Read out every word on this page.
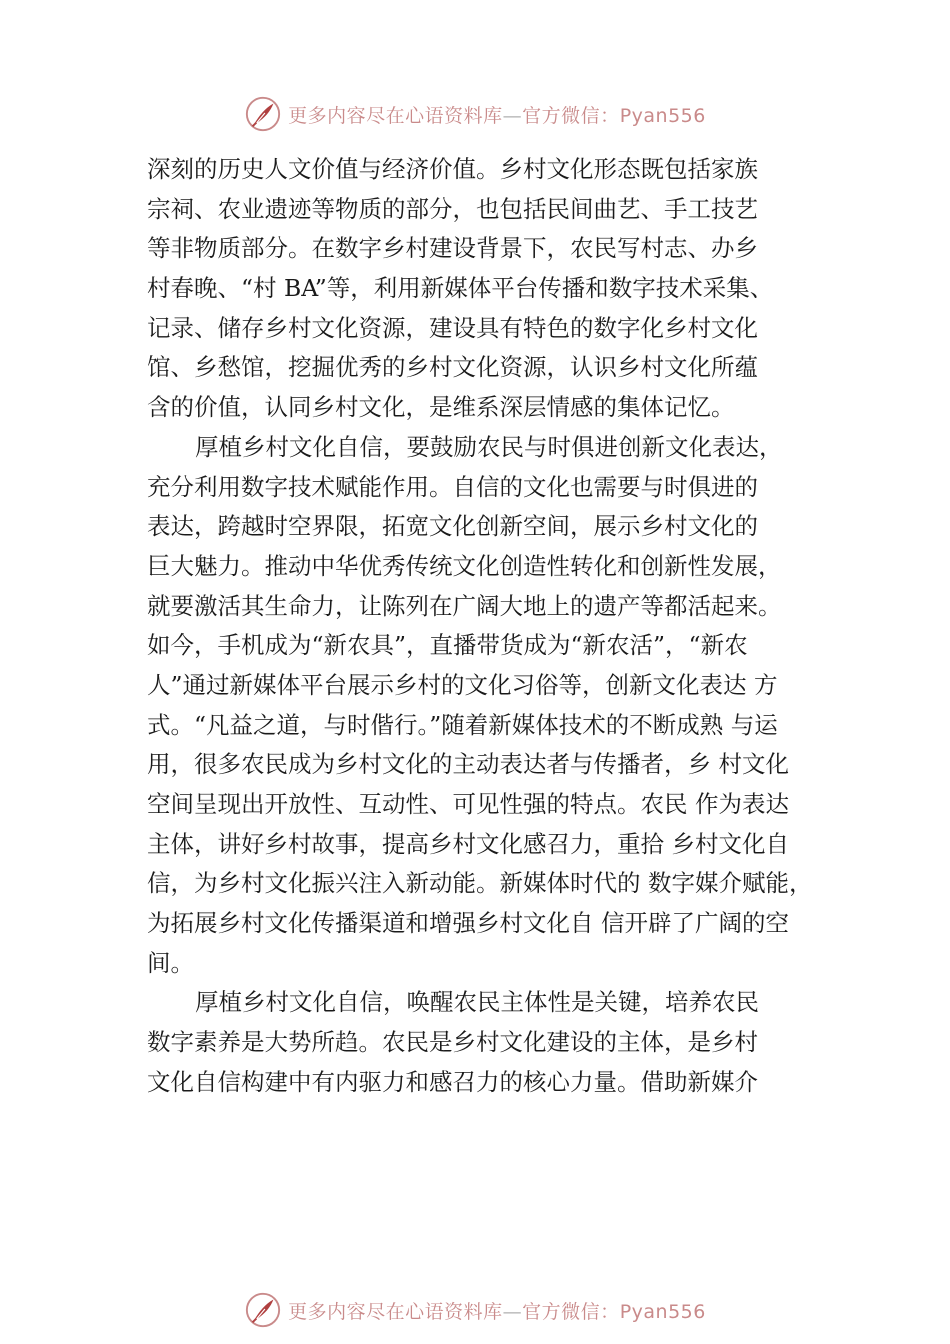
更多内容尽在心语资料库—官方微信：Pyan556
深刻的历史人文价值与经济价值。乡村文化形态既包括家族
宗祠、农业遗迹等物质的部分，也包括民间曲艺、手工技艺
等非物质部分。在数字乡村建设背景下，农民写村志、办乡
村春晚、“村 BA”等，利用新媒体平台传播和数字技术采集、
记录、储存乡村文化资源，建设具有特色的数字化乡村文化
馆、乡愁馆，挖掘优秀的乡村文化资源，认识乡村文化所蕴
含的价值，认同乡村文化，是维系深层情感的集体记忆。
厚植乡村文化自信，要鼓励农民与时俱进创新文化表达，
充分利用数字技术赋能作用。自信的文化也需要与时俱进的
表达，跨越时空界限，拓宽文化创新空间，展示乡村文化的
巨大魅力。推动中华优秀传统文化创造性转化和创新性发展，
就要激活其生命力，让陈列在广阔大地上的遗产等都活起来。
如今，手机成为“新农具”，直播带货成为“新农活”，“新农
人”通过新媒体平台展示乡村的文化习俗等，创新文化表达 方
式。“凡益之道，与时偕行。”随着新媒体技术的不断成熟 与运
用，很多农民成为乡村文化的主动表达者与传播者，乡 村文化
空间呈现出开放性、互动性、可见性强的特点。农民 作为表达
主体，讲好乡村故事，提高乡村文化感召力，重拾 乡村文化自
信，为乡村文化振兴注入新动能。新媒体时代的 数字媒介赋能，
为拓展乡村文化传播渠道和增强乡村文化自 信开辟了广阔的空
间。
厚植乡村文化自信，唤醒农民主体性是关键，培养农民
数字素养是大势所趋。农民是乡村文化建设的主体，是乡村
文化自信构建中有内驱力和感召力的核心力量。借助新媒介
更多内容尽在心语资料库—官方微信：Pyan556
